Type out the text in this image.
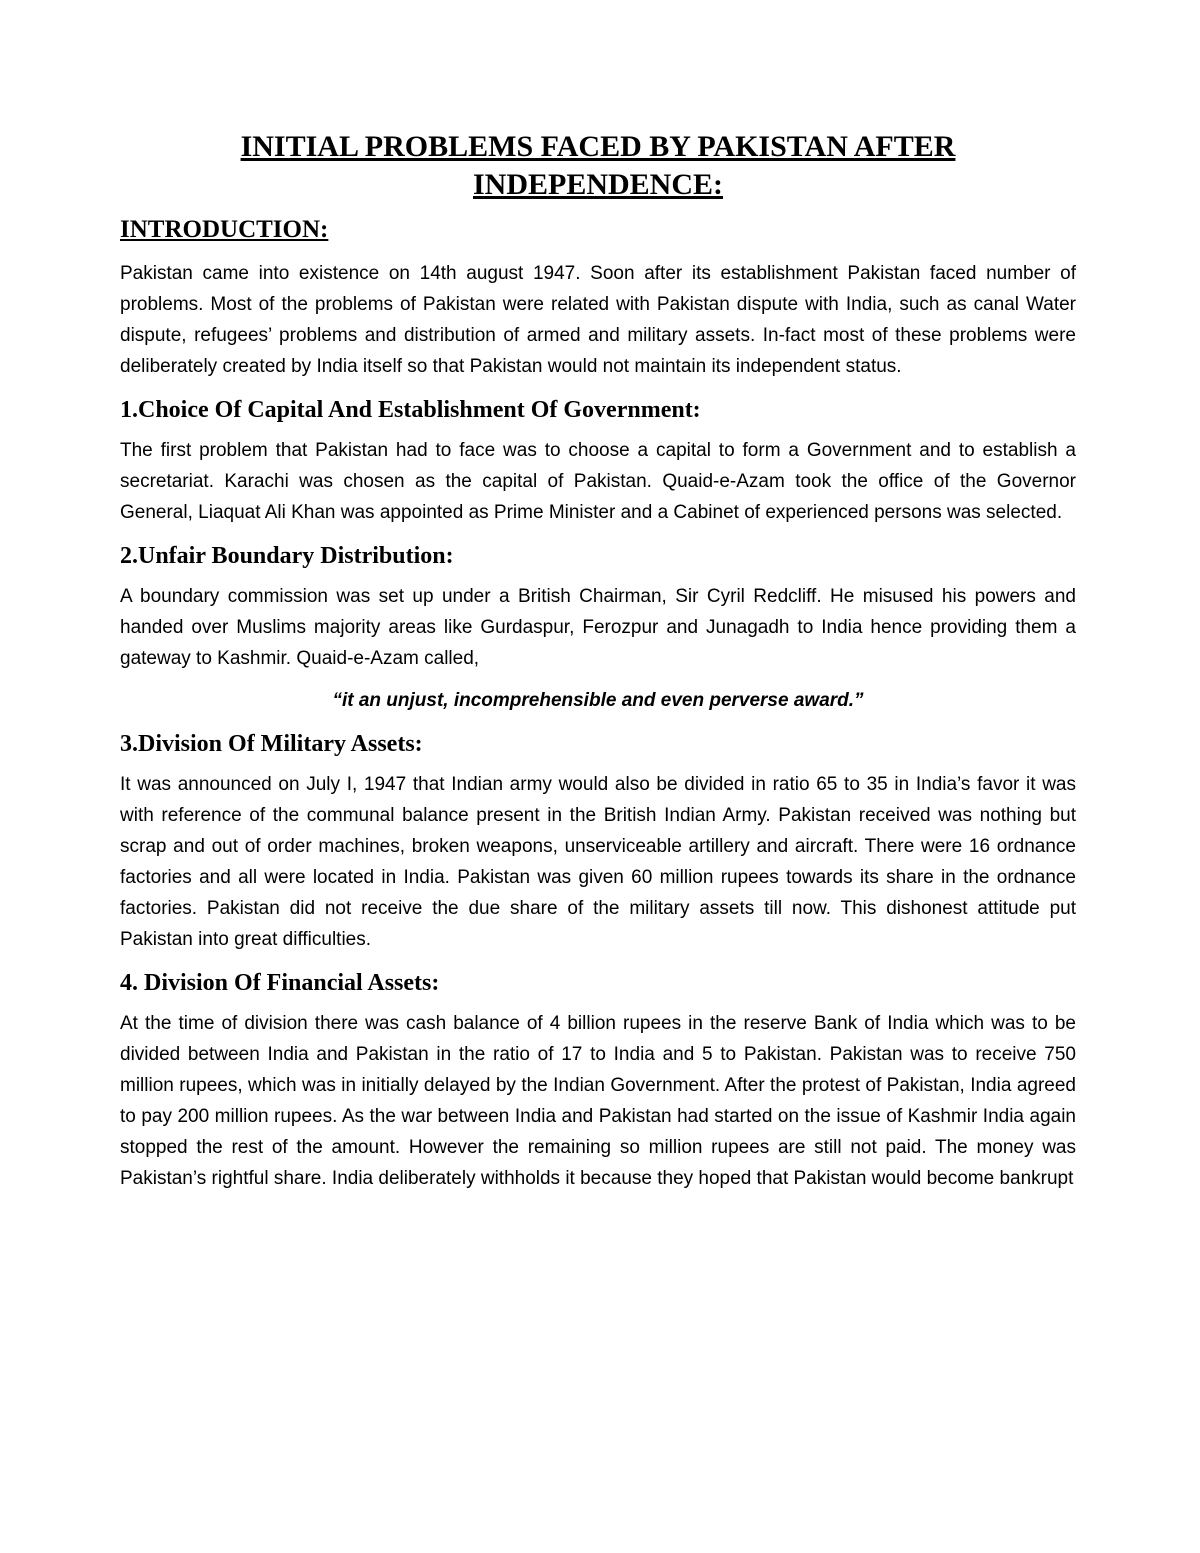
INITIAL PROBLEMS FACED BY PAKISTAN AFTER
INDEPENDENCE:
INTRODUCTION:

Pakistan came into existence on 14th august 1947. Soon after its establishment Pakistan faced number of problems. Most of the problems of Pakistan were related with Pakistan dispute with India, such as canal Water dispute, refugees’ problems and distribution of armed and military assets. In-fact most of these problems were deliberately created by India itself so that Pakistan would not maintain its independent status.

1.Choice Of Capital And Establishment Of Government:

The first problem that Pakistan had to face was to choose a capital to form a Government and to establish a secretariat. Karachi was chosen as the capital of Pakistan. Quaid-e-Azam took the office of the Governor General, Liaquat Ali Khan was appointed as Prime Minister and a Cabinet of experienced persons was selected.

2.Unfair Boundary Distribution:

A boundary commission was set up under a British Chairman, Sir Cyril Redcliff. He misused his powers and handed over Muslims majority areas like Gurdaspur, Ferozpur and Junagadh to India hence providing them a gateway to Kashmir. Quaid-e-Azam called,

“it an unjust, incomprehensible and even perverse award.”

3.Division Of Military Assets:

It was announced on July I, 1947 that Indian army would also be divided in ratio 65 to 35 in India’s favor it was with reference of the communal balance present in the British Indian Army. Pakistan received was nothing but scrap and out of order machines, broken weapons, unserviceable artillery and aircraft. There were 16 ordnance factories and all were located in India. Pakistan was given 60 million rupees towards its share in the ordnance factories. Pakistan did not receive the due share of the military assets till now. This dishonest attitude put Pakistan into great difficulties.

4. Division Of Financial Assets:

At the time of division there was cash balance of 4 billion rupees in the reserve Bank of India which was to be divided between India and Pakistan in the ratio of 17 to India and 5 to Pakistan. Pakistan was to receive 750 million rupees, which was in initially delayed by the Indian Government. After the protest of Pakistan, India agreed to pay 200 million rupees. As the war between India and Pakistan had started on the issue of Kashmir India again stopped the rest of the amount. However the remaining so million rupees are still not paid. The money was Pakistan’s rightful share. India deliberately withholds it because they hoped that Pakistan would become bankrupt
